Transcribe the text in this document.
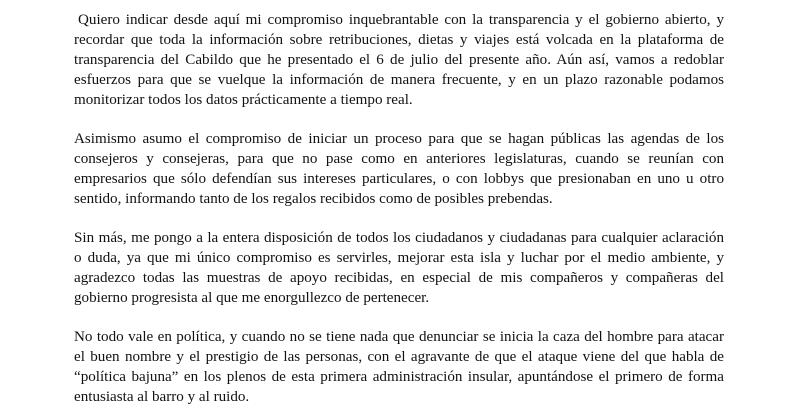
Quiero indicar desde aquí mi compromiso inquebrantable con la transparencia y el gobierno abierto, y recordar que toda la información sobre retribuciones, dietas y viajes está volcada en la plataforma de transparencia del Cabildo que he presentado el 6 de julio del presente año. Aún así, vamos a redoblar esfuerzos para que se vuelque la información de manera frecuente, y en un plazo razonable podamos monitorizar todos los datos prácticamente a tiempo real.

Asimismo asumo el compromiso de iniciar un proceso para que se hagan públicas las agendas de los consejeros y consejeras, para que no pase como en anteriores legislaturas, cuando se reunían con empresarios que sólo defendían sus intereses particulares, o con lobbys que presionaban en uno u otro sentido, informando tanto de los regalos recibidos como de posibles prebendas.

Sin más, me pongo a la entera disposición de todos los ciudadanos y ciudadanas para cualquier aclaración o duda, ya que mi único compromiso es servirles, mejorar esta isla y luchar por el medio ambiente, y agradezco todas las muestras de apoyo recibidas, en especial de mis compañeros y compañeras del gobierno progresista al que me enorgullezco de pertenecer.

No todo vale en política, y cuando no se tiene nada que denunciar se inicia la caza del hombre para atacar el buen nombre y el prestigio de las personas, con el agravante de que el ataque viene del que habla de “política bajuna” en los plenos de esta primera administración insular, apuntándose el primero de forma entusiasta al barro y al ruido.
